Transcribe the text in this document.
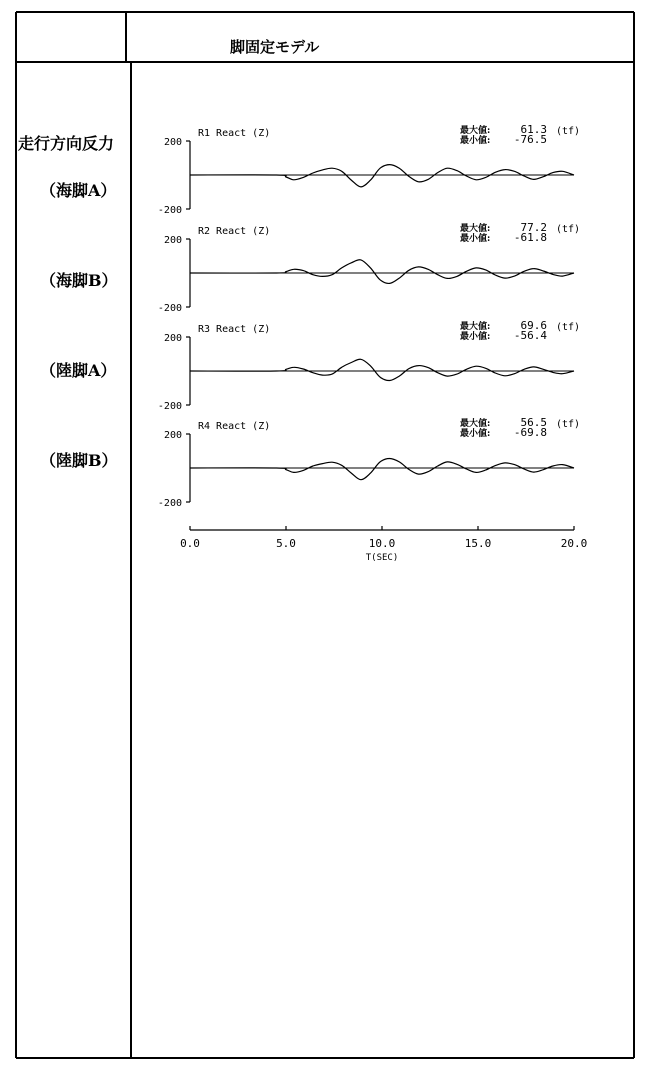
脚固定モデル
走行方向反力
（海脚A）
（海脚B）
（陸脚A）
（陸脚B）
200
-200
R1 React (Z)	最大値:	61.3
最小値: -76.5
(tf)
200
-200
R2 React (Z)	最大値:	77.2
最小値: -61.8
(tf)
200
-200
R3 React (Z)	最大値:	69.6
最小値: -56.4
(tf)
200
-200
R4 React (Z)	最大値:	56.5
最小値: -69.8
(tf)
0.0	5.0	10.0	15.0	20.0
T(SEC)
